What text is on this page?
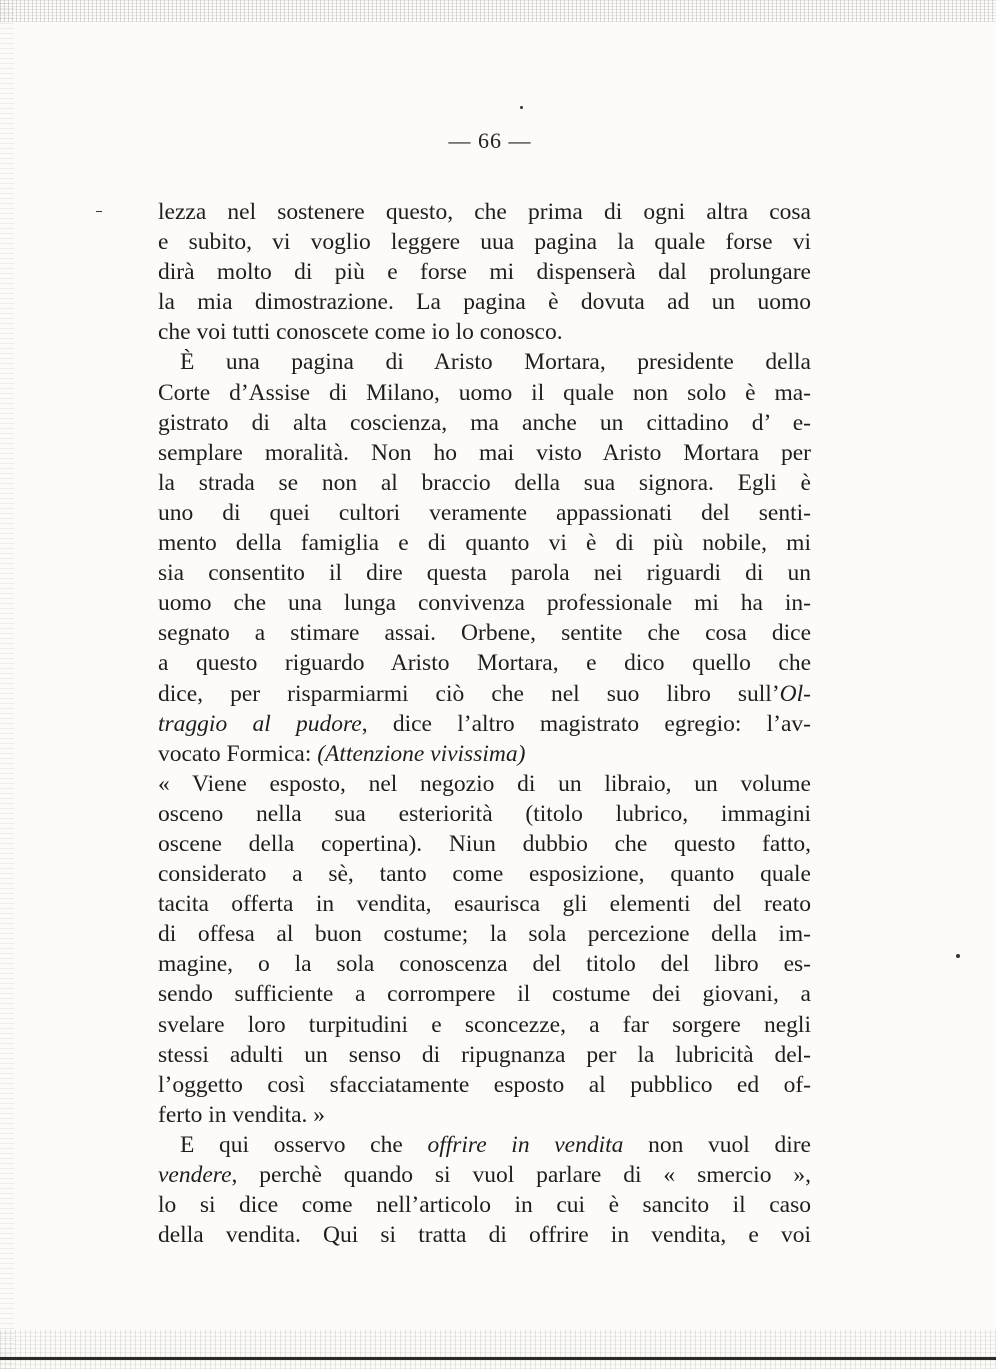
— 66 —
lezza nel sostenere questo, che prima di ogni altra cosa
e subito, vi voglio leggere uua pagina la quale forse vi
dirà molto di più e forse mi dispenserà dal prolungare
la mia dimostrazione. La pagina è dovuta ad un uomo
che voi tutti conoscete come io lo conosco.
È una pagina di Aristo Mortara, presidente della
Corte d’Assise di Milano, uomo il quale non solo è ma-
gistrato di alta coscienza, ma anche un cittadino d’ e-
semplare moralità. Non ho mai visto Aristo Mortara per
la strada se non al braccio della sua signora. Egli è
uno di quei cultori veramente appassionati del senti-
mento della famiglia e di quanto vi è di più nobile, mi
sia consentito il dire questa parola nei riguardi di un
uomo che una lunga convivenza professionale mi ha in-
segnato a stimare assai. Orbene, sentite che cosa dice
a questo riguardo Aristo Mortara, e dico quello che
dice, per risparmiarmi ciò che nel suo libro sull’Ol-
traggio al pudore, dice l’altro magistrato egregio: l’av-
vocato Formica: (Attenzione vivissima)
« Viene esposto, nel negozio di un libraio, un volume
osceno nella sua esteriorità (titolo lubrico, immagini
oscene della copertina). Niun dubbio che questo fatto,
considerato a sè, tanto come esposizione, quanto quale
tacita offerta in vendita, esaurisca gli elementi del reato
di offesa al buon costume; la sola percezione della im-
magine, o la sola conoscenza del titolo del libro es-
sendo sufficiente a corrompere il costume dei giovani, a
svelare loro turpitudini e sconcezze, a far sorgere negli
stessi adulti un senso di ripugnanza per la lubricità del-
l’oggetto così sfacciatamente esposto al pubblico ed of-
ferto in vendita. »
E qui osservo che offrire in vendita non vuol dire
vendere, perchè quando si vuol parlare di « smercio »,
lo si dice come nell’articolo in cui è sancito il caso
della vendita. Qui si tratta di offrire in vendita, e voi
